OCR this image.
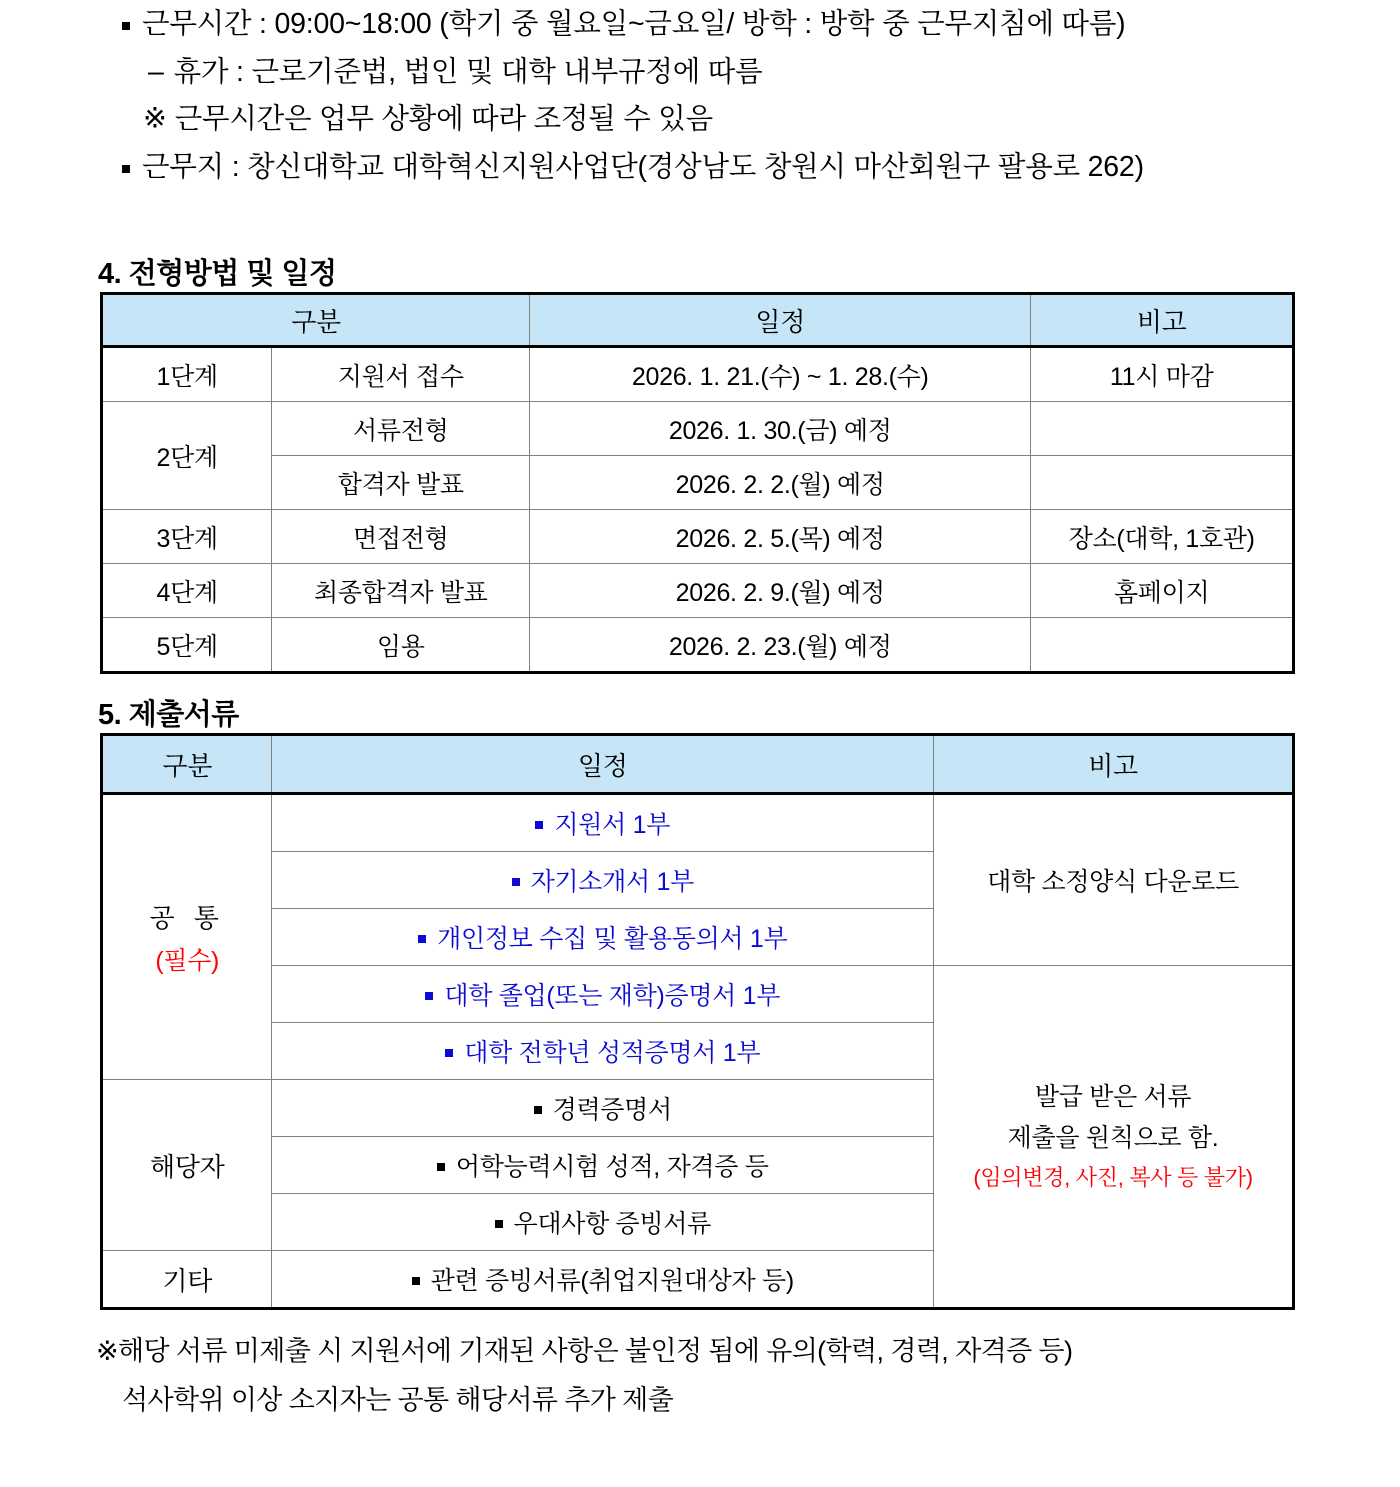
근무시간 : 09:00~18:00 (학기 중 월요일~금요일/ 방학 : 방학 중 근무지침에 따름)
– 휴가 : 근로기준법, 법인 및 대학 내부규정에 따름
※ 근무시간은 업무 상황에 따라 조정될 수 있음
근무지 : 창신대학교 대학혁신지원사업단(경상남도 창원시 마산회원구 팔용로 262)
4. 전형방법 및 일정
구분		일정	비고
1단계	지원서 접수	2026. 1. 21.(수) ~ 1. 28.(수)	11시 마감
2단계	서류전형	2026. 1. 30.(금) 예정	
	합격자 발표	2026. 2. 2.(월) 예정	
3단계	면접전형	2026. 2. 5.(목) 예정	장소(대학, 1호관)
4단계	최종합격자 발표	2026. 2. 9.(월) 예정	홈페이지
5단계	임용	2026. 2. 23.(월) 예정	
5. 제출서류
구분	일정	비고
공 통
(필수)	지원서 1부	대학 소정양식 다운로드
	자기소개서 1부	
	개인정보 수집 및 활용동의서 1부	
	대학 졸업(또는 재학)증명서 1부	발급 받은 서류
제출을 원칙으로 함.
(임의변경, 사진, 복사 등 불가)

	대학 전학년 성적증명서 1부	
해당자	경력증명서	
	어학능력시험 성적, 자격증 등	
	우대사항 증빙서류	
기타	관련 증빙서류(취업지원대상자 등)	
※해당 서류 미제출 시 지원서에 기재된 사항은 불인정 됨에 유의(학력, 경력, 자격증 등)
석사학위 이상 소지자는 공통 해당서류 추가 제출
